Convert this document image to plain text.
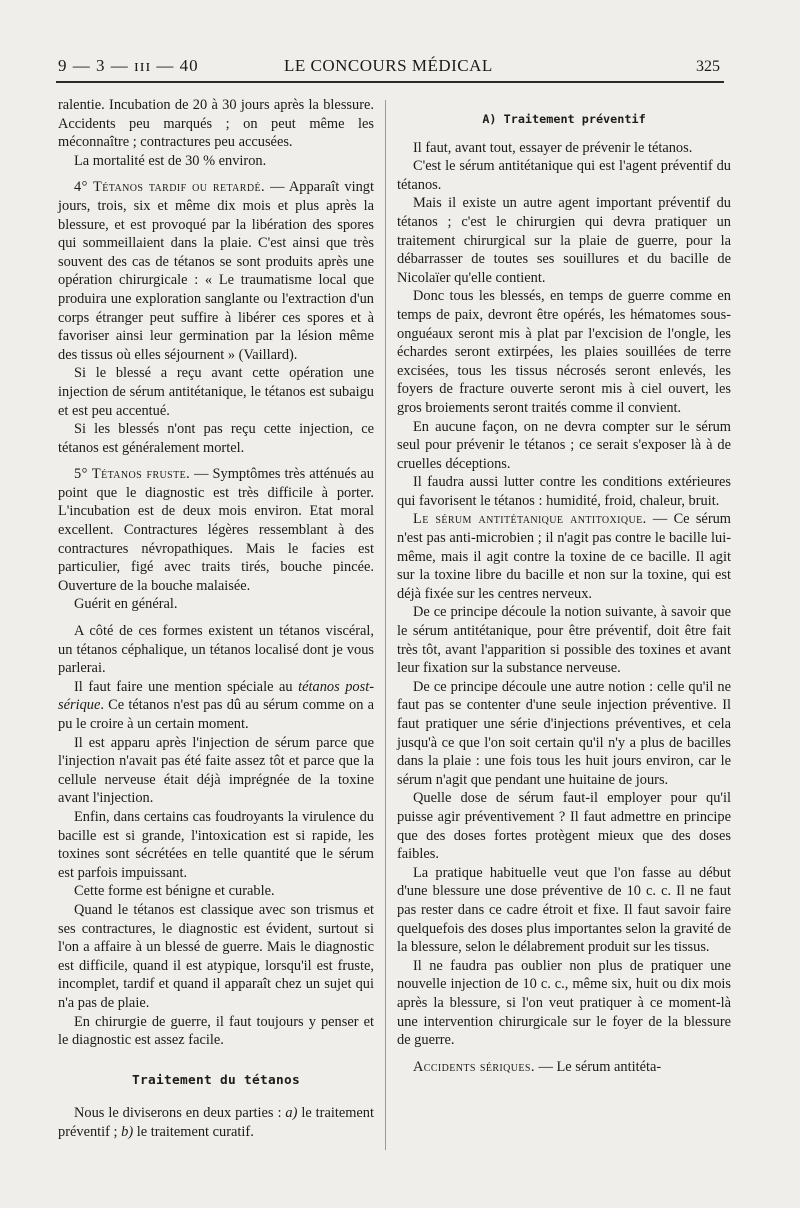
9 — 3 — ɪɪɪ — 40	LE CONCOURS MÉDICAL	325

ralentie. Incubation de 20 à 30 jours après la blessure. Accidents peu marqués ; on peut même les méconnaître ; contractures peu accusées.

La mortalité est de 30 % environ.

4° Tétanos tardif ou retardé. — Apparaît vingt jours, trois, six et même dix mois et plus après la blessure, et est provoqué par la libération des spores qui sommeillaient dans la plaie. C'est ainsi que très souvent des cas de tétanos se sont produits après une opération chirurgicale : « Le traumatisme local que produira une exploration sanglante ou l'extraction d'un corps étranger peut suffire à libérer ces spores et à favoriser ainsi leur germination par la lésion même des tissus où elles séjournent » (Vaillard).

Si le blessé a reçu avant cette opération une injection de sérum antitétanique, le tétanos est subaigu et est peu accentué.

Si les blessés n'ont pas reçu cette injection, ce tétanos est généralement mortel.

5° Tétanos fruste. — Symptômes très atténués au point que le diagnostic est très difficile à porter. L'incubation est de deux mois environ. Etat moral excellent. Contractures légères ressemblant à des contractures névropathiques. Mais le facies est particulier, figé avec traits tirés, bouche pincée. Ouverture de la bouche malaisée.

Guérit en général.

A côté de ces formes existent un tétanos viscéral, un tétanos céphalique, un tétanos localisé dont je vous parlerai.

Il faut faire une mention spéciale au tétanos post-sérique. Ce tétanos n'est pas dû au sérum comme on a pu le croire à un certain moment.

Il est apparu après l'injection de sérum parce que l'injection n'avait pas été faite assez tôt et parce que la cellule nerveuse était déjà imprégnée de la toxine avant l'injection.

Enfin, dans certains cas foudroyants la virulence du bacille est si grande, l'intoxication est si rapide, les toxines sont sécrétées en telle quantité que le sérum est parfois impuissant.

Cette forme est bénigne et curable.

Quand le tétanos est classique avec son trismus et ses contractures, le diagnostic est évident, surtout si l'on a affaire à un blessé de guerre. Mais le diagnostic est difficile, quand il est atypique, lorsqu'il est fruste, incomplet, tardif et quand il apparaît chez un sujet qui n'a pas de plaie.

En chirurgie de guerre, il faut toujours y penser et le diagnostic est assez facile.

Traitement du tétanos

Nous le diviserons en deux parties : a) le traitement préventif ; b) le traitement curatif.

A) Traitement préventif

Il faut, avant tout, essayer de prévenir le tétanos.

C'est le sérum antitétanique qui est l'agent préventif du tétanos.

Mais il existe un autre agent important préventif du tétanos ; c'est le chirurgien qui devra pratiquer un traitement chirurgical sur la plaie de guerre, pour la débarrasser de toutes ses souillures et du bacille de Nicolaïer qu'elle contient.

Donc tous les blessés, en temps de guerre comme en temps de paix, devront être opérés, les hématomes sous-onguéaux seront mis à plat par l'excision de l'ongle, les échardes seront extirpées, les plaies souillées de terre excisées, tous les tissus nécrosés seront enlevés, les foyers de fracture ouverte seront mis à ciel ouvert, les gros broiements seront traités comme il convient.

En aucune façon, on ne devra compter sur le sérum seul pour prévenir le tétanos ; ce serait s'exposer là à de cruelles déceptions.

Il faudra aussi lutter contre les conditions extérieures qui favorisent le tétanos : humidité, froid, chaleur, bruit.

Le sérum antitétanique antitoxique. — Ce sérum n'est pas anti-microbien ; il n'agit pas contre le bacille lui-même, mais il agit contre la toxine de ce bacille. Il agit sur la toxine libre du bacille et non sur la toxine, qui est déjà fixée sur les centres nerveux.

De ce principe découle la notion suivante, à savoir que le sérum antitétanique, pour être préventif, doit être fait très tôt, avant l'apparition si possible des toxines et avant leur fixation sur la substance nerveuse.

De ce principe découle une autre notion : celle qu'il ne faut pas se contenter d'une seule injection préventive. Il faut pratiquer une série d'injections préventives, et cela jusqu'à ce que l'on soit certain qu'il n'y a plus de bacilles dans la plaie : une fois tous les huit jours environ, car le sérum n'agit que pendant une huitaine de jours.

Quelle dose de sérum faut-il employer pour qu'il puisse agir préventivement ? Il faut admettre en principe que des doses fortes protègent mieux que des doses faibles.

La pratique habituelle veut que l'on fasse au début d'une blessure une dose préventive de 10 c. c. Il ne faut pas rester dans ce cadre étroit et fixe. Il faut savoir faire quelquefois des doses plus importantes selon la gravité de la blessure, selon le délabrement produit sur les tissus.

Il ne faudra pas oublier non plus de pratiquer une nouvelle injection de 10 c. c., même six, huit ou dix mois après la blessure, si l'on veut pratiquer à ce moment-là une intervention chirurgicale sur le foyer de la blessure de guerre.

Accidents sériques. — Le sérum antitéta-
